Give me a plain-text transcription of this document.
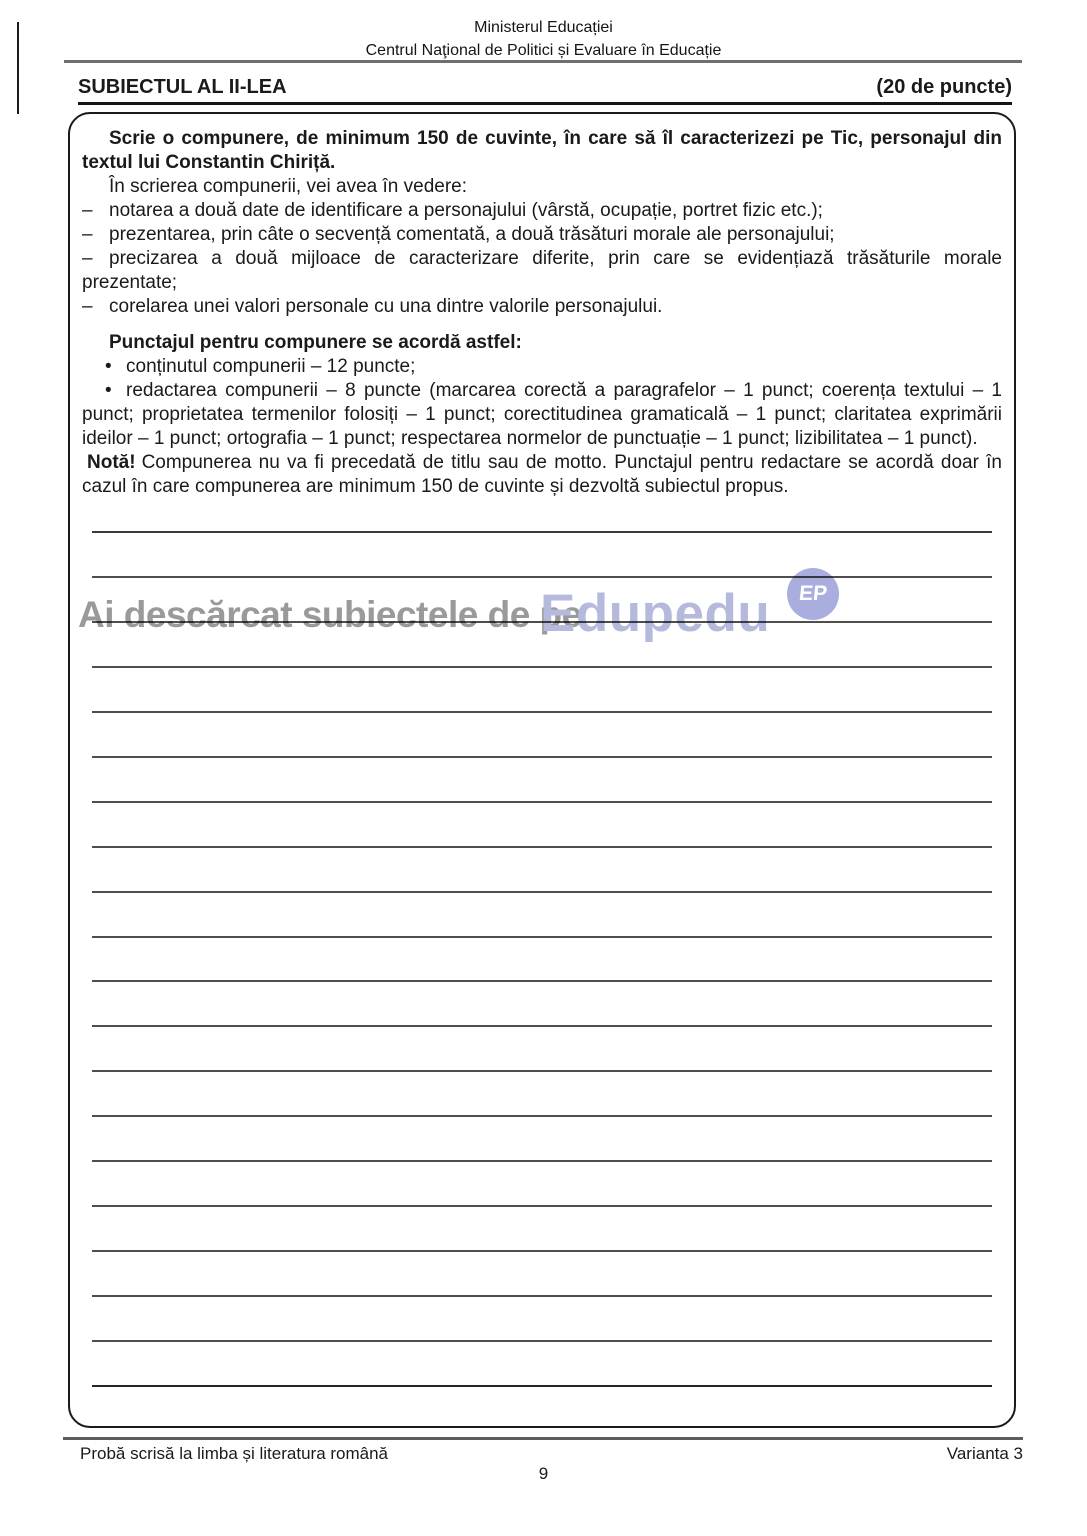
Ministerul Educației
Centrul Naţional de Politici și Evaluare în Educație
SUBIECTUL AL II-LEA	(20 de puncte)

Scrie o compunere, de minimum 150 de cuvinte, în care să îl caracterizezi pe Tic, personajul din textul lui Constantin Chiriță.

În scrierea compunerii, vei avea în vedere:

– notarea a două date de identificare a personajului (vârstă, ocupație, portret fizic etc.);
– prezentarea, prin câte o secvență comentată, a două trăsături morale ale personajului;
– precizarea a două mijloace de caracterizare diferite, prin care se evidențiază trăsăturile morale prezentate;
– corelarea unei valori personale cu una dintre valorile personajului.

Punctajul pentru compunere se acordă astfel:

• conținutul compunerii – 12 puncte;
• redactarea compunerii – 8 puncte (marcarea corectă a paragrafelor – 1 punct; coerența textului – 1 punct; proprietatea termenilor folosiți – 1 punct; corectitudinea gramaticală – 1 punct; claritatea exprimării ideilor – 1 punct; ortografia – 1 punct; respectarea normelor de punctuație – 1 punct; lizibilitatea – 1 punct).

Notă! Compunerea nu va fi precedată de titlu sau de motto. Punctajul pentru redactare se acordă doar în cazul în care compunerea are minimum 150 de cuvinte și dezvoltă subiectul propus.

Ai descărcat subiectele de pe
Edupedu EP
Probă scrisă la limba și literatura română	Varianta 3
9
